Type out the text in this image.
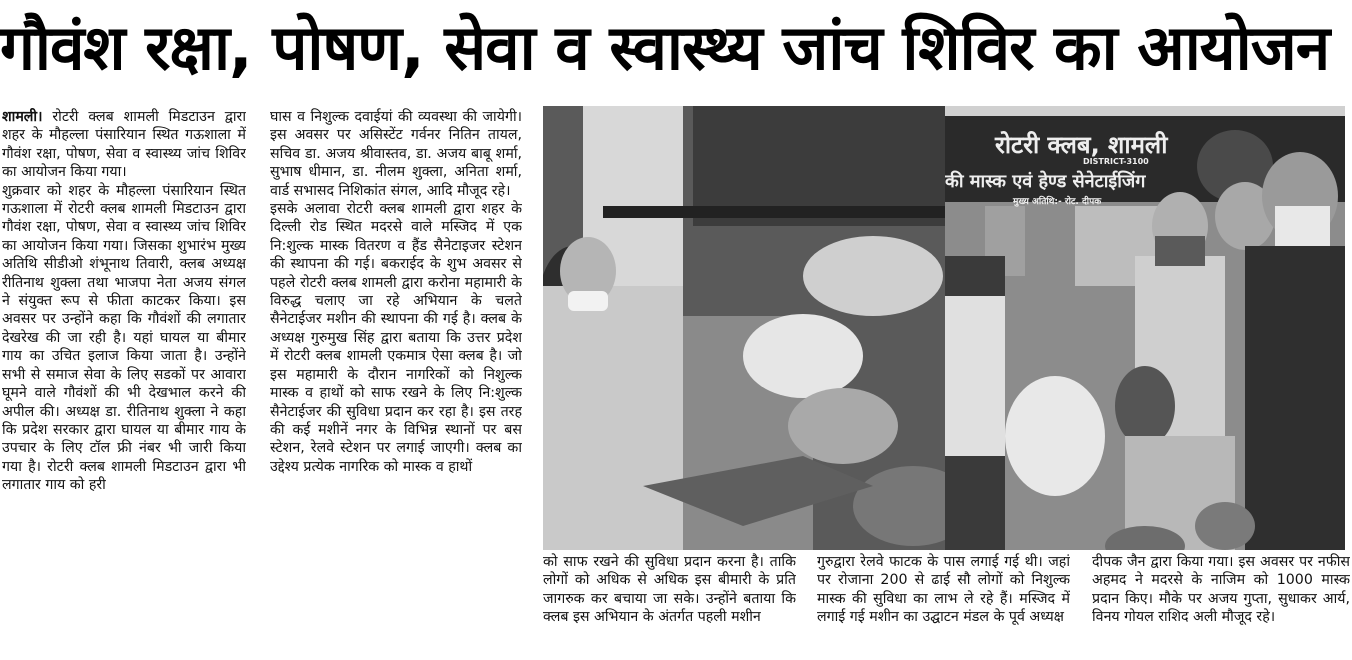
गौवंश रक्षा, पोषण, सेवा व स्वास्थ्य जांच शिविर का आयोजन

शामली। रोटरी क्लब शामली मिडटाउन द्वारा शहर के मौहल्ला पंसारियान स्थित गऊशाला में गौवंश रक्षा, पोषण, सेवा व स्वास्थ्य जांच शिविर का आयोजन किया गया।

शुक्रवार को शहर के मौहल्ला पंसारियान स्थित गऊशाला में रोटरी क्लब शामली मिडटाउन द्वारा गौवंश रक्षा, पोषण, सेवा व स्वास्थ्य जांच शिविर का आयोजन किया गया। जिसका शुभारंभ मुख्य अतिथि सीडीओ शंभूनाथ तिवारी, क्लब अध्यक्ष रीतिनाथ शुक्ला तथा भाजपा नेता अजय संगल ने संयुक्त रूप से फीता काटकर किया। इस अवसर पर उन्होंने कहा कि गौवंशों की लगातार देखरेख की जा रही है। यहां घायल या बीमार गाय का उचित इलाज किया जाता है। उन्होंने सभी से समाज सेवा के लिए सडकों पर आवारा घूमने वाले गौवंशों की भी देखभाल करने की अपील की। अध्यक्ष डा. रीतिनाथ शुक्ला ने कहा कि प्रदेश सरकार द्वारा घायल या बीमार गाय के उपचार के लिए टॉल फ्री नंबर भी जारी किया गया है। रोटरी क्लब शामली मिडटाउन द्वारा भी लगातार गाय को हरी

घास व निशुल्क दवाईयां की व्यवस्था की जायेगी। इस अवसर पर असिस्टेंट गर्वनर नितिन तायल, सचिव डा. अजय श्रीवास्तव, डा. अजय बाबू शर्मा, सुभाष धीमान, डा. नीलम शुक्ला, अनिता शर्मा, वार्ड सभासद निशिकांत संगल, आदि मौजूद रहे।

इसके अलावा रोटरी क्लब शामली द्वारा शहर के दिल्ली रोड स्थित मदरसे वाले मस्जिद में एक नि:शुल्क मास्क वितरण व हैंड सैनेटाइजर स्टेशन की स्थापना की गई। बकराईद के शुभ अवसर से पहले रोटरी क्लब शामली द्वारा करोना महामारी के विरुद्ध चलाए जा रहे अभियान के चलते सैनेटाईजर मशीन की स्थापना की गई है। क्लब के अध्यक्ष गुरुमुख सिंह द्वारा बताया कि उत्तर प्रदेश में रोटरी क्लब शामली एकमात्र ऐसा क्लब है। जो इस महामारी के दौरान नागरिकों को निशुल्क मास्क व हाथों को साफ रखने के लिए नि:शुल्क सैनेटाईजर की सुविधा प्रदान कर रहा है। इस तरह की कई मशीनें नगर के विभिन्न स्थानों पर बस स्टेशन, रेलवे स्टेशन पर लगाई जाएगी। क्लब का उद्देश्य प्रत्येक नागरिक को मास्क व हाथों

रोटरी क्लब, शामली
DISTRICT-3100
की मास्क एवं हेण्ड सेनेटाईजिंग
मुख्य अतिथि:- रोट. दीपक

को साफ रखने की सुविधा प्रदान करना है। ताकि लोगों को अधिक से अधिक इस बीमारी के प्रति जागरुक कर बचाया जा सके। उन्होंने बताया कि क्लब इस अभियान के अंतर्गत पहली मशीन

गुरुद्वारा रेलवे फाटक के पास लगाई गई थी। जहां पर रोजाना 200 से ढाई सौ लोगों को निशुल्क मास्क की सुविधा का लाभ ले रहे हैं। मस्जिद में लगाई गई मशीन का उद्घाटन मंडल के पूर्व अध्यक्ष

दीपक जैन द्वारा किया गया। इस अवसर पर नफीस अहमद ने मदरसे के नाजिम को 1000 मास्क प्रदान किए। मौके पर अजय गुप्ता, सुधाकर आर्य, विनय गोयल राशिद अली मौजूद रहे।
